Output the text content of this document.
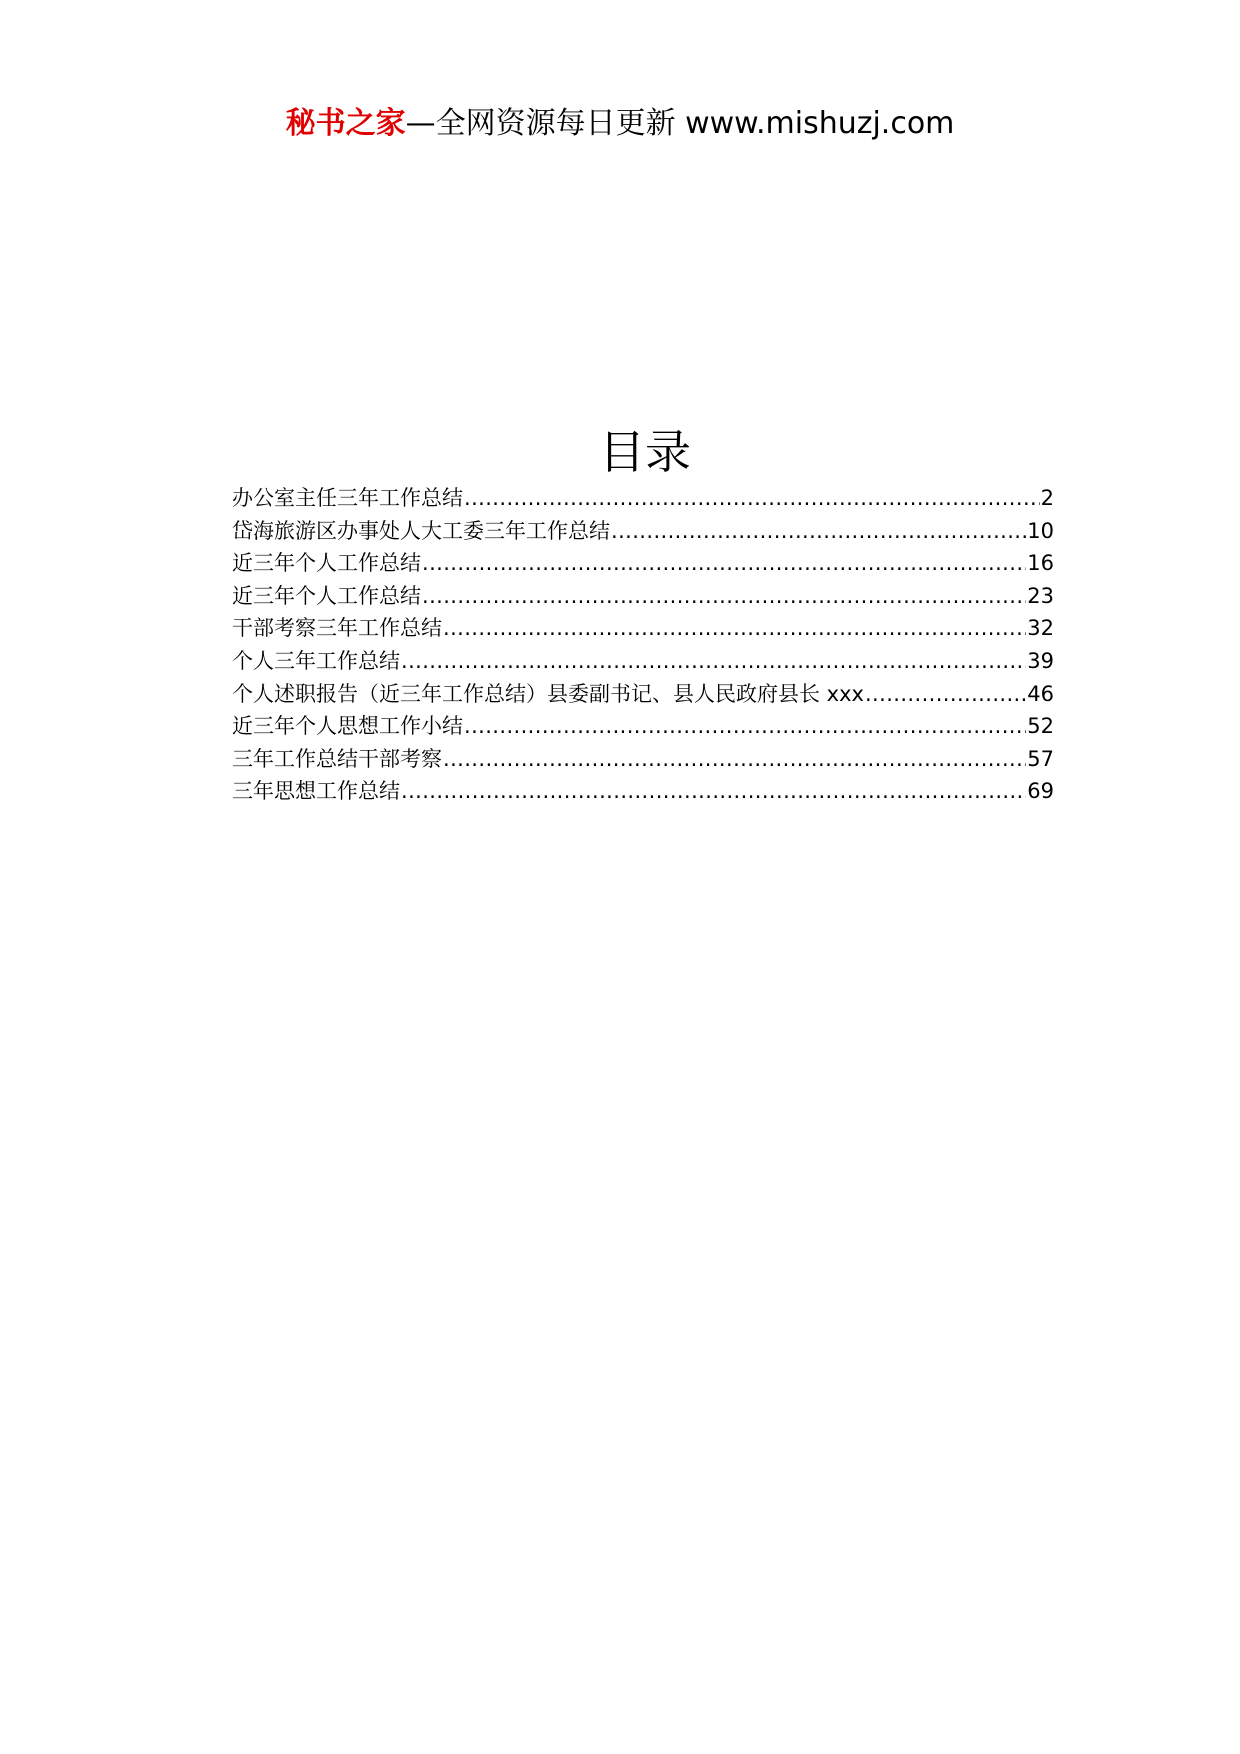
秘书之家—全网资源每日更新 www.mishuzj.com
目录
办公室主任三年工作总结 .....	2
岱海旅游区办事处人大工委三年工作总结 .....	10
近三年个人工作总结 .....	16
近三年个人工作总结 .....	23
干部考察三年工作总结 .....	32
个人三年工作总结 .....	39
个人述职报告（近三年工作总结）县委副书记、县人民政府县长 xxx .....	46
近三年个人思想工作小结 .....	52
三年工作总结干部考察 .....	57
三年思想工作总结 .....	69
